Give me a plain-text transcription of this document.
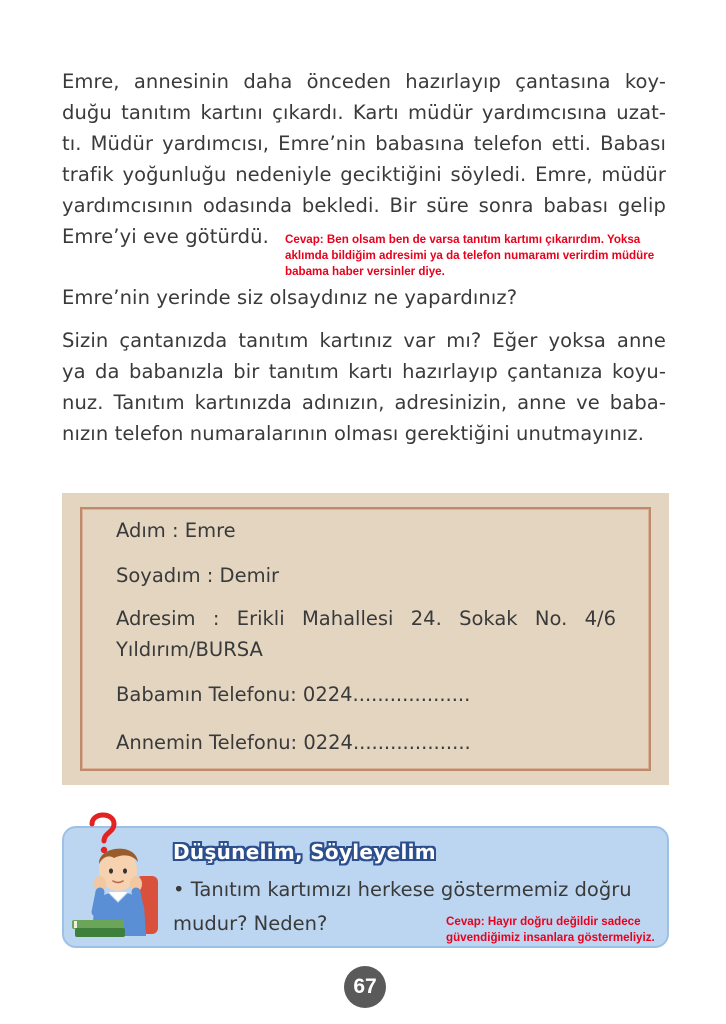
Emre, annesinin daha önceden hazırlayıp çantasına koy-
duğu tanıtım kartını çıkardı. Kartı müdür yardımcısına uzat-
tı. Müdür yardımcısı, Emre’nin babasına telefon etti. Babası
trafik yoğunluğu nedeniyle geciktiğini söyledi. Emre, müdür
yardımcısının odasında bekledi. Bir süre sonra babası gelip
Emre’yi eve götürdü.	Cevap: Ben olsam ben de varsa tanıtım kartımı çıkarırdım. Yoksa
aklımda bildiğim adresimi ya da telefon numaramı verirdim müdüre
babama haber versinler diye.
Emre’nin yerinde siz olsaydınız ne yapardınız?
Sizin çantanızda tanıtım kartınız var mı? Eğer yoksa anne
ya da babanızla bir tanıtım kartı hazırlayıp çantanıza koyu-
nuz. Tanıtım kartınızda adınızın, adresinizin, anne ve baba-
nızın telefon numaralarının olması gerektiğini unutmayınız.
Adım : Emre
Soyadım : Demir
Adresim : Erikli Mahallesi 24. Sokak No. 4/6
Yıldırım/BURSA
Babamın Telefonu: 0224...................
Annemin Telefonu: 0224...................
Düşünelim, Söyleyelim
• Tanıtım kartımızı herkese göstermemiz doğru
mudur? Neden?	Cevap: Hayır doğru değildir sadece
güvendiğimiz insanlara göstermeliyiz.
67
